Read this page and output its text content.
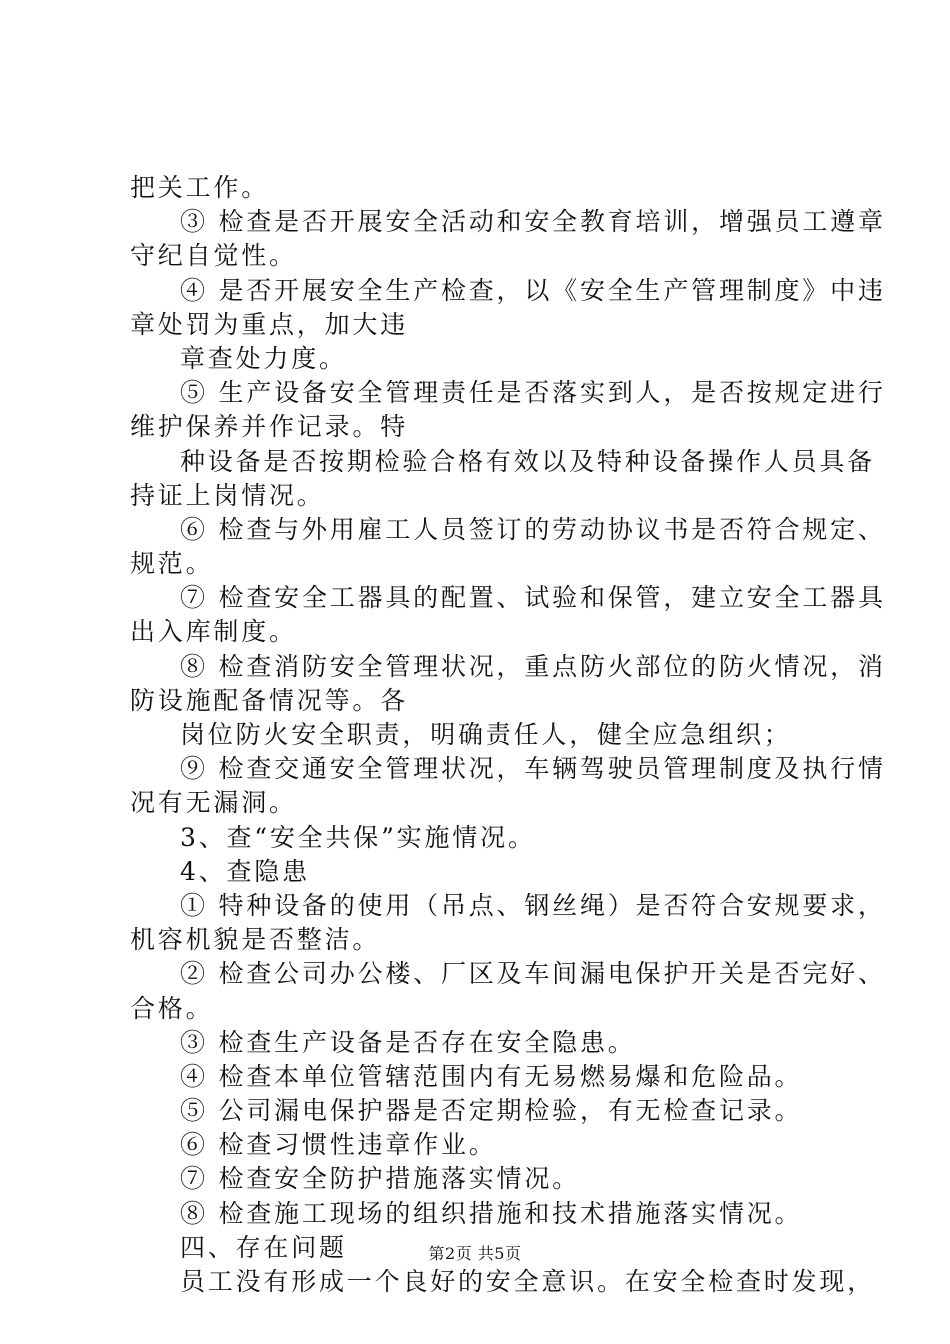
把关工作。
③ 检查是否开展安全活动和安全教育培训，增强员工遵章
守纪自觉性。
④ 是否开展安全生产检查，以《安全生产管理制度》中违
章处罚为重点，加大违
章查处力度。
⑤ 生产设备安全管理责任是否落实到人，是否按规定进行
维护保养并作记录。特
种设备是否按期检验合格有效以及特种设备操作人员具备
持证上岗情况。
⑥ 检查与外用雇工人员签订的劳动协议书是否符合规定、
规范。
⑦ 检查安全工器具的配置、试验和保管，建立安全工器具
出入库制度。
⑧ 检查消防安全管理状况，重点防火部位的防火情况，消
防设施配备情况等。各
岗位防火安全职责，明确责任人，健全应急组织；
⑨ 检查交通安全管理状况，车辆驾驶员管理制度及执行情
况有无漏洞。
3、查“安全共保”实施情况。
4、查隐患
① 特种设备的使用（吊点、钢丝绳）是否符合安规要求，
机容机貌是否整洁。
② 检查公司办公楼、厂区及车间漏电保护开关是否完好、
合格。
③ 检查生产设备是否存在安全隐患。
④ 检查本单位管辖范围内有无易燃易爆和危险品。
⑤ 公司漏电保护器是否定期检验，有无检查记录。
⑥ 检查习惯性违章作业。
⑦ 检查安全防护措施落实情况。
⑧ 检查施工现场的组织措施和技术措施落实情况。
四、存在问题
员工没有形成一个良好的安全意识。在安全检查时发现，
第2页 共5页
